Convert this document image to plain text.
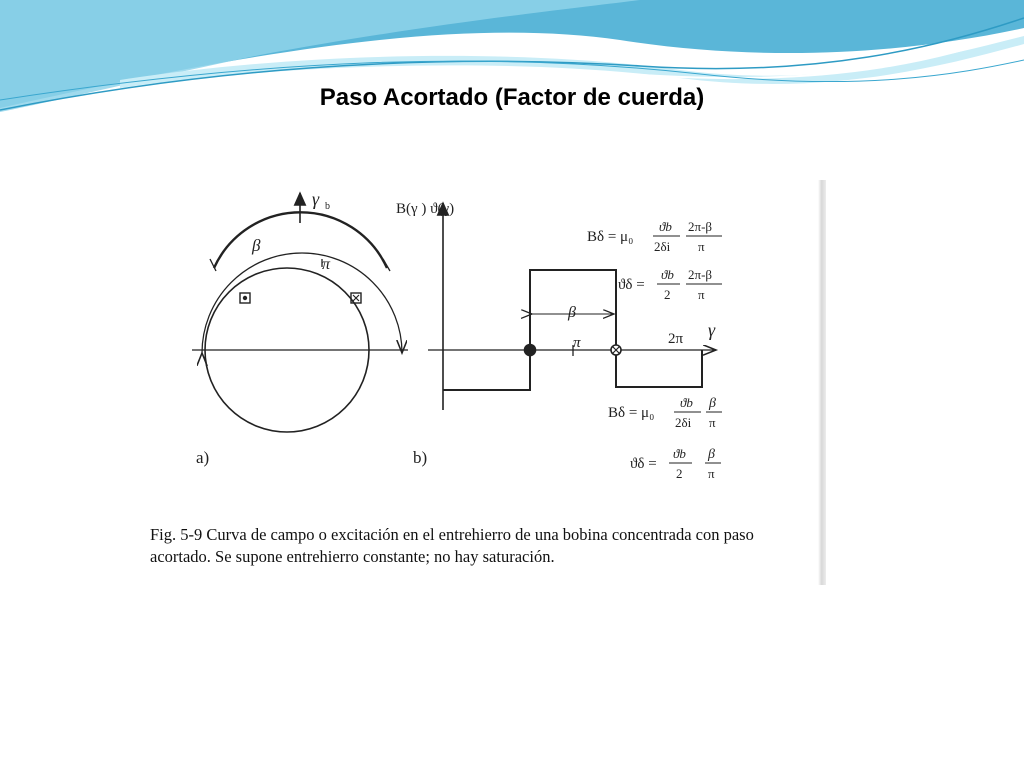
Paso Acortado (Factor de cuerda)
γ b
β
π
a)
B(γ ) ϑ(γ)
γ
β
π	2π
b)
Bδ = μ₀
ϑb
2δi
2π-β
π
ϑδ =
ϑb
2
2π-β
π
Bδ = μ₀
ϑb
2δi
β
π
ϑδ =
ϑb
2
β
π

Fig. 5-9 Curva de campo o excitación en el entrehierro de una bobina concentrada con paso acortado. Se supone entrehierro constante; no hay saturación.
